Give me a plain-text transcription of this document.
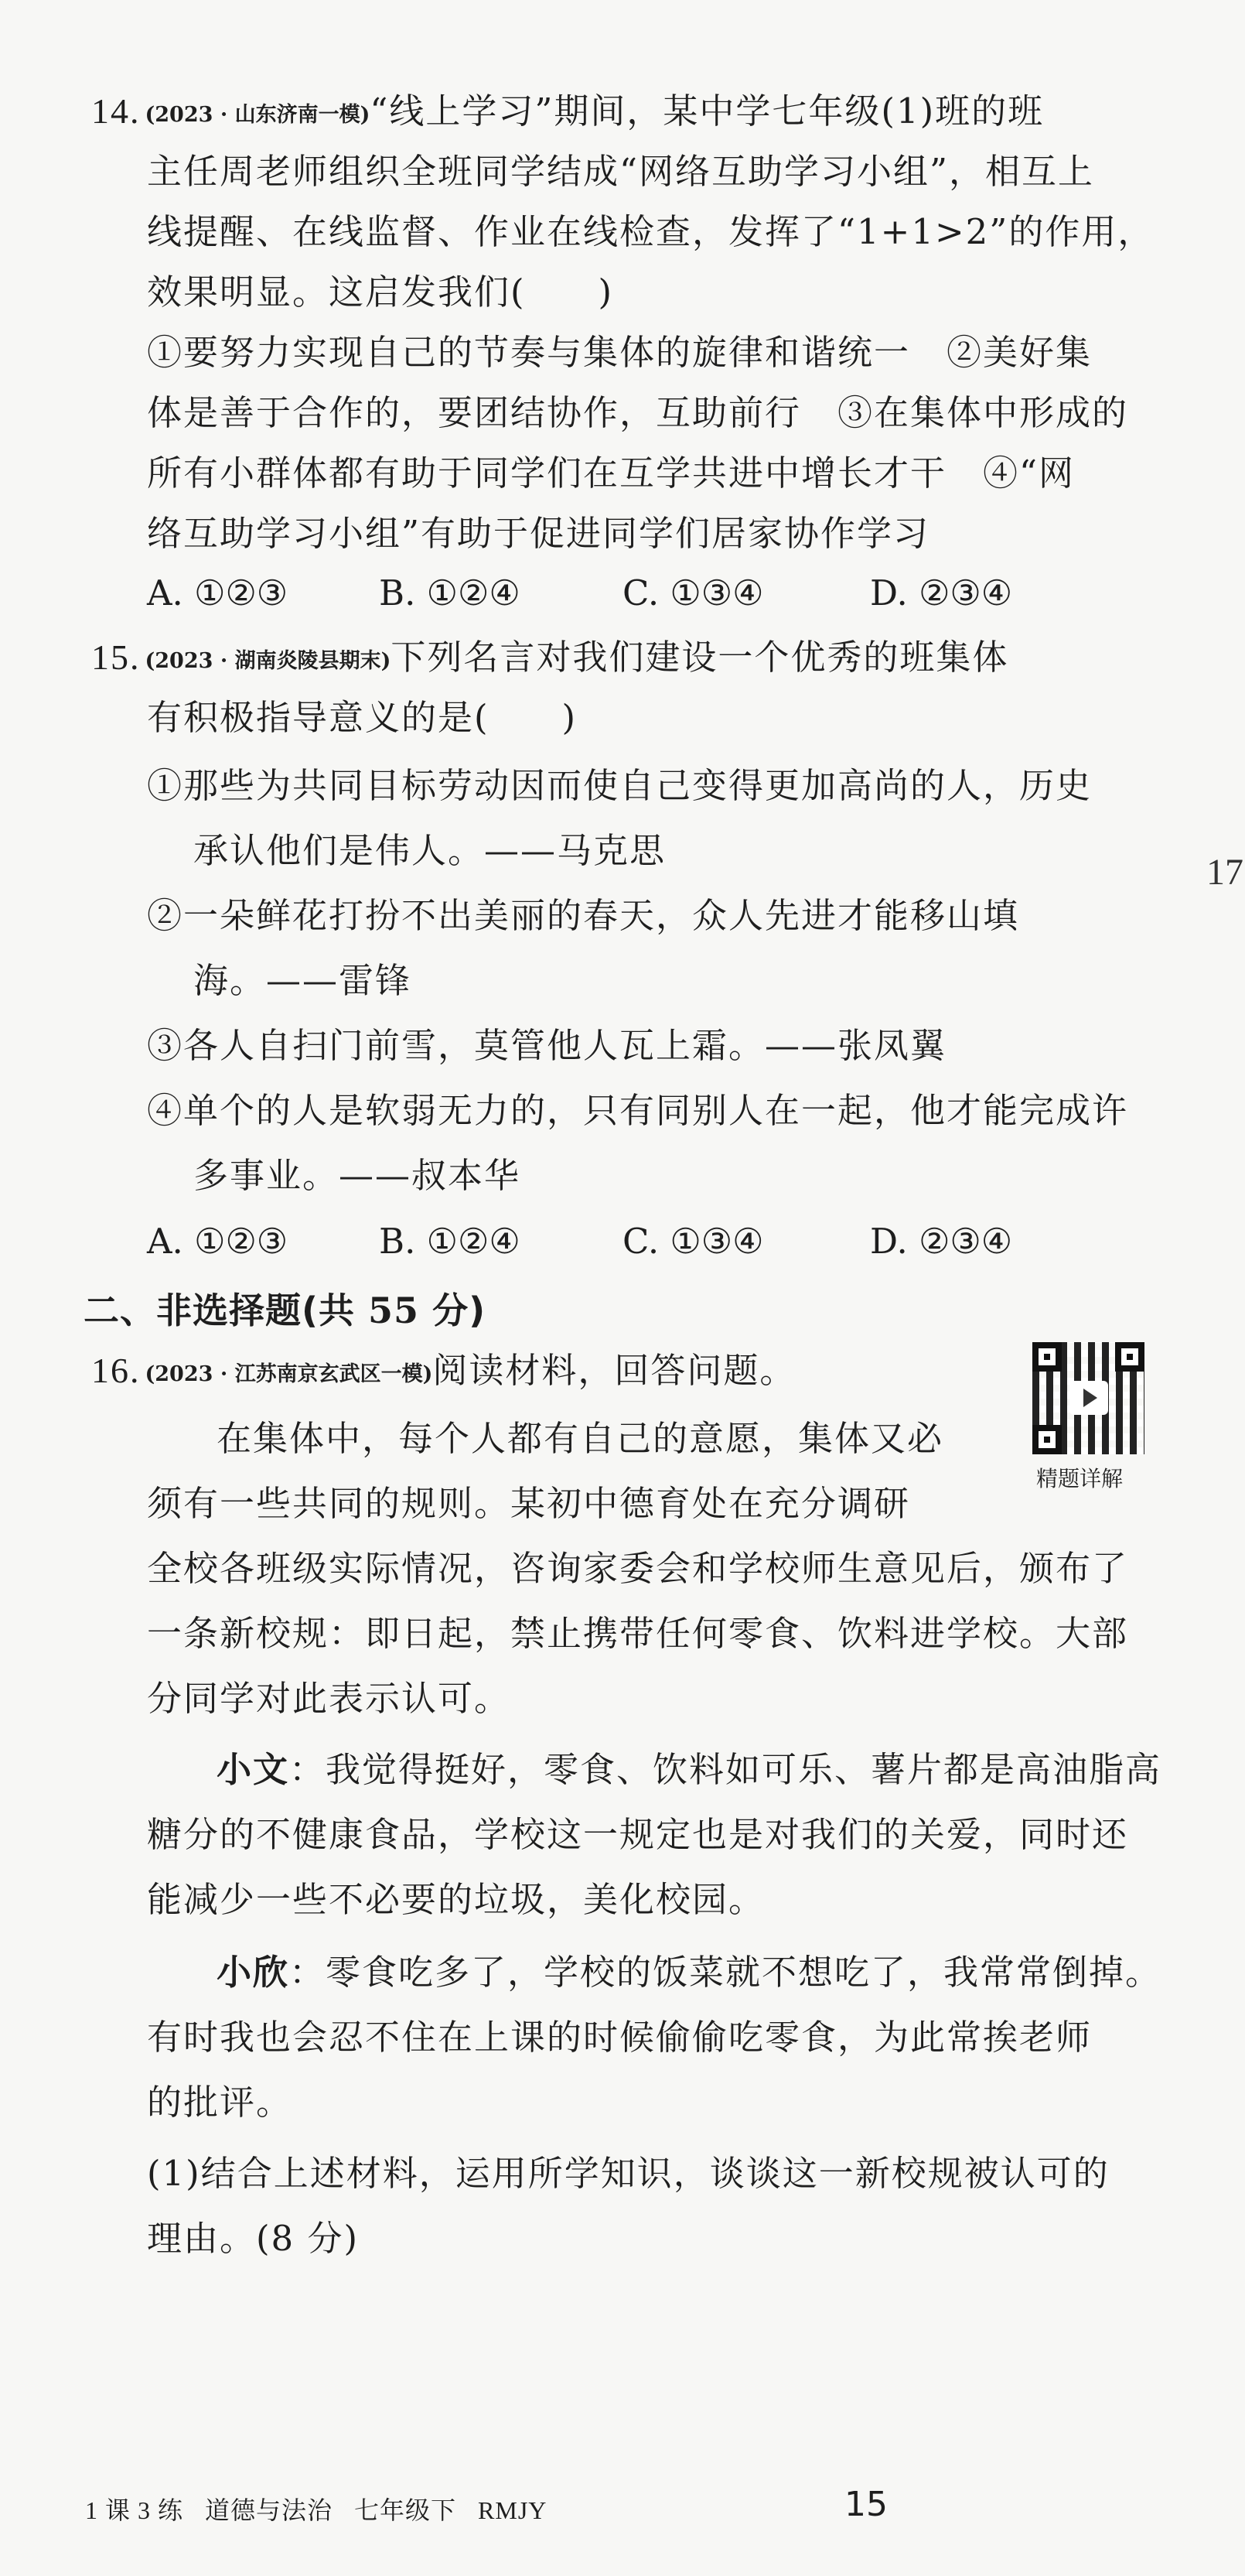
14. (2023 · 山东济南一模)“线上学习”期间，某中学七年级(1)班的班
主任周老师组织全班同学结成“网络互助学习小组”，相互上
线提醒、在线监督、作业在线检查，发挥了“1+1>2”的作用，
效果明显。这启发我们(　　)
①要努力实现自己的节奏与集体的旋律和谐统一　②美好集
体是善于合作的，要团结协作，互助前行　③在集体中形成的
所有小群体都有助于同学们在互学共进中增长才干　④“网
络互助学习小组”有助于促进同学们居家协作学习
A. ①②③	B. ①②④	C. ①③④	D. ②③④
15. (2023 · 湖南炎陵县期末)下列名言对我们建设一个优秀的班集体
有积极指导意义的是(　　)
①那些为共同目标劳动因而使自己变得更加高尚的人，历史
承认他们是伟人。——马克思
②一朵鲜花打扮不出美丽的春天，众人先进才能移山填
海。——雷锋
③各人自扫门前雪，莫管他人瓦上霜。——张凤翼
④单个的人是软弱无力的，只有同别人在一起，他才能完成许
多事业。——叔本华
A. ①②③	B. ①②④	C. ①③④	D. ②③④
二、非选择题(共 55 分)
16. (2023 · 江苏南京玄武区一模)阅读材料，回答问题。
精题详解
在集体中，每个人都有自己的意愿，集体又必
须有一些共同的规则。某初中德育处在充分调研
全校各班级实际情况，咨询家委会和学校师生意见后，颁布了
一条新校规：即日起，禁止携带任何零食、饮料进学校。大部
分同学对此表示认可。
小文：我觉得挺好，零食、饮料如可乐、薯片都是高油脂高
糖分的不健康食品，学校这一规定也是对我们的关爱，同时还
能减少一些不必要的垃圾，美化校园。
小欣：零食吃多了，学校的饭菜就不想吃了，我常常倒掉。
有时我也会忍不住在上课的时候偷偷吃零食，为此常挨老师
的批评。
(1)结合上述材料，运用所学知识，谈谈这一新校规被认可的
理由。(8 分)
17
1 课 3 练 道德与法治 七年级下 RMJY	15
